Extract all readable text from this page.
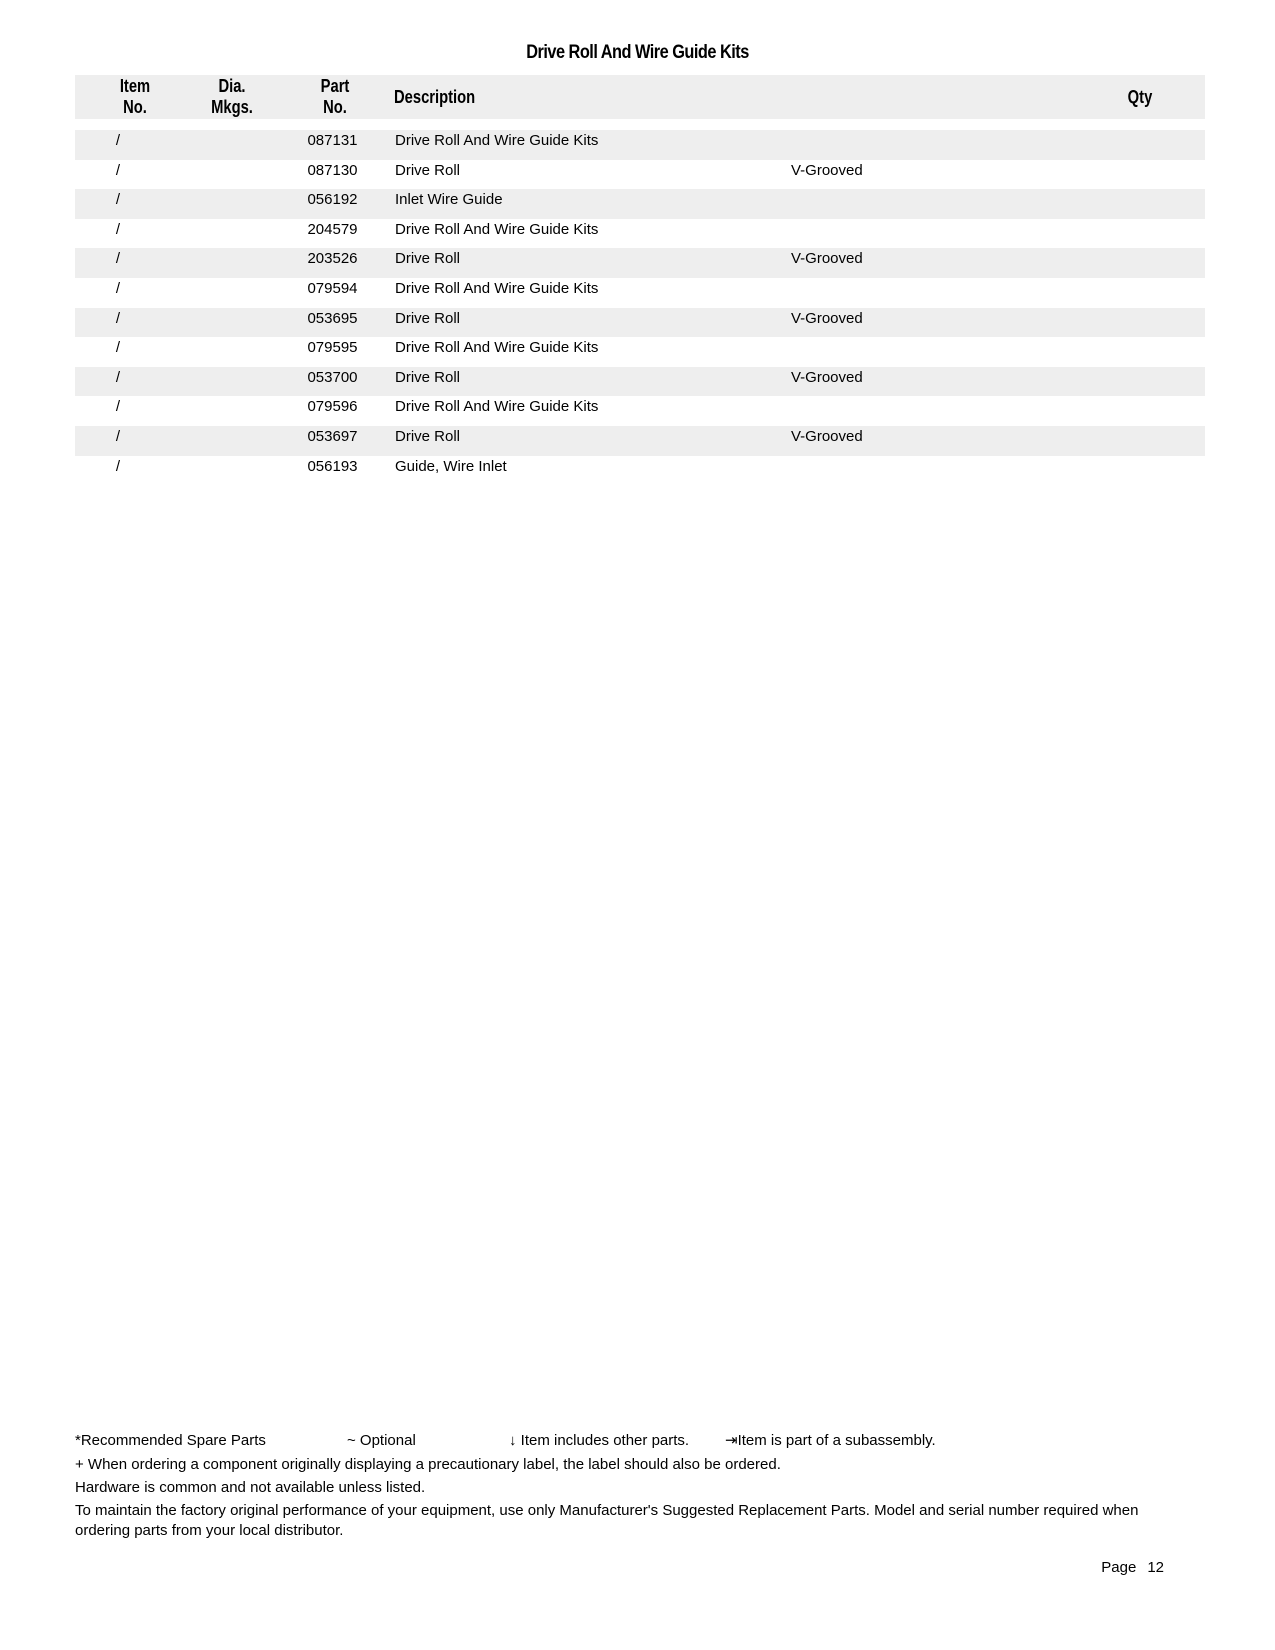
Drive Roll And Wire Guide Kits
Item
No.
Dia.
Mkgs.
Part
No.	Description	Qty
/	087131	Drive Roll And Wire Guide Kits
/	087130	Drive Roll	V-Grooved
/	056192	Inlet Wire Guide
/	204579	Drive Roll And Wire Guide Kits
/	203526	Drive Roll	V-Grooved
/	079594	Drive Roll And Wire Guide Kits
/	053695	Drive Roll	V-Grooved
/	079595	Drive Roll And Wire Guide Kits
/	053700	Drive Roll	V-Grooved
/	079596	Drive Roll And Wire Guide Kits
/	053697	Drive Roll	V-Grooved
/	056193	Guide, Wire Inlet
*Recommended Spare Parts	~ Optional	↓ Item includes other parts. ⇥Item is part of a subassembly.
+ When ordering a component originally displaying a precautionary label, the label should also be ordered.
Hardware is common and not available unless listed.
To maintain the factory original performance of your equipment, use only Manufacturer's Suggested Replacement Parts. Model and serial number required when ordering parts from your local distributor.
Page 12
